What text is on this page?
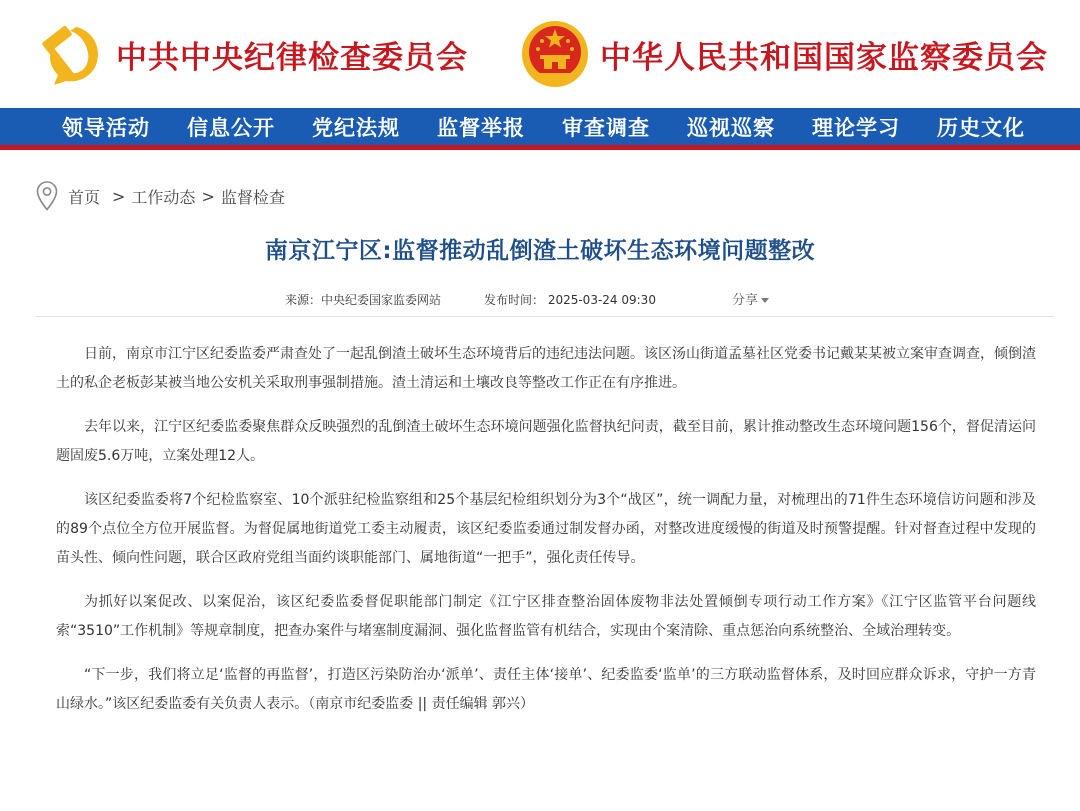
中共中央纪律检查委员会	中华人民共和国国家监察委员会
领导活动	信息公开	党纪法规	监督举报	审查调查	巡视巡察	理论学习	历史文化
首页 > 工作动态 > 监督检查
南京江宁区:监督推动乱倒渣土破坏生态环境问题整改
来源：中央纪委国家监委网站	发布时间： 2025-03-24 09:30	分享

日前，南京市江宁区纪委监委严肃查处了一起乱倒渣土破坏生态环境背后的违纪违法问题。该区汤山街道孟墓社区党委书记戴某某被立案审查调查，倾倒渣土的私企老板彭某被当地公安机关采取刑事强制措施。渣土清运和土壤改良等整改工作正在有序推进。

去年以来，江宁区纪委监委聚焦群众反映强烈的乱倒渣土破坏生态环境问题强化监督执纪问责，截至目前，累计推动整改生态环境问题156个，督促清运问题固废5.6万吨，立案处理12人。

该区纪委监委将7个纪检监察室、10个派驻纪检监察组和25个基层纪检组织划分为3个“战区”，统一调配力量，对梳理出的71件生态环境信访问题和涉及的89个点位全方位开展监督。为督促属地街道党工委主动履责，该区纪委监委通过制发督办函，对整改进度缓慢的街道及时预警提醒。针对督查过程中发现的苗头性、倾向性问题，联合区政府党组当面约谈职能部门、属地街道“一把手”，强化责任传导。

为抓好以案促改、以案促治，该区纪委监委督促职能部门制定《江宁区排查整治固体废物非法处置倾倒专项行动工作方案》《江宁区监管平台问题线索“3510”工作机制》等规章制度，把查办案件与堵塞制度漏洞、强化监督监管有机结合，实现由个案清除、重点惩治向系统整治、全域治理转变。

“下一步，我们将立足‘监督的再监督’，打造区污染防治办‘派单’、责任主体‘接单’、纪委监委‘监单’的三方联动监督体系，及时回应群众诉求，守护一方青山绿水。”该区纪委监委有关负责人表示。（南京市纪委监委 || 责任编辑 郭兴）
